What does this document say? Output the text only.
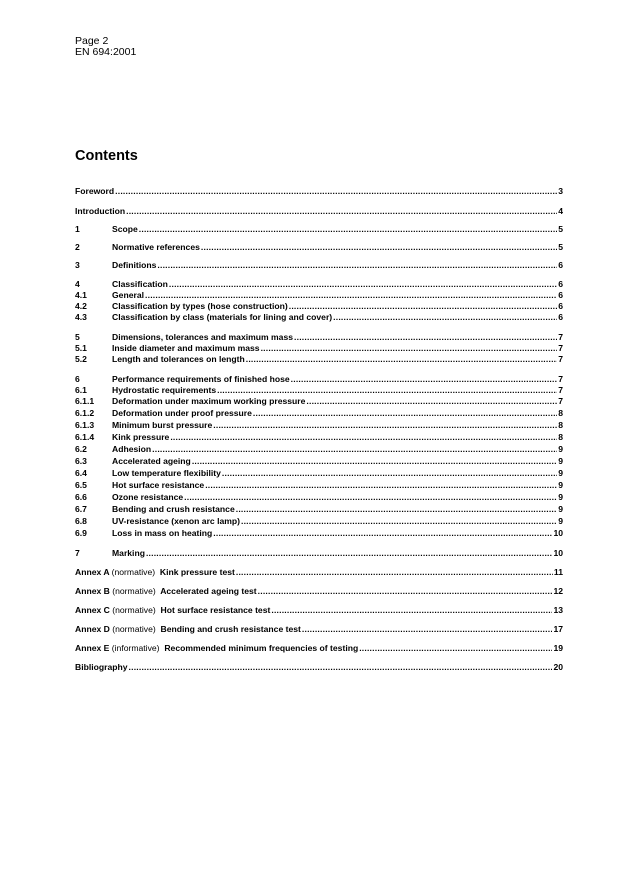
Page 2
EN 694:2001
Contents
Foreword .....	3
Introduction .....	4
1	Scope .....	5
2	Normative references .....	5
3	Definitions .....	6
4	Classification .....	6
4.1	General .....	6
4.2	Classification by types (hose construction) .....	6
4.3	Classification by class (materials for lining and cover) .....	6
5	Dimensions, tolerances and maximum mass .....	7
5.1	Inside diameter and maximum mass .....	7
5.2	Length and tolerances on length .....	7
6	Performance requirements of finished hose .....	7
6.1	Hydrostatic requirements .....	7
6.1.1	Deformation under maximum working pressure .....	7
6.1.2	Deformation under proof pressure .....	8
6.1.3	Minimum burst pressure .....	8
6.1.4	Kink pressure .....	8
6.2	Adhesion .....	9
6.3	Accelerated ageing .....	9
6.4	Low temperature flexibility .....	9
6.5	Hot surface resistance .....	9
6.6	Ozone resistance .....	9
6.7	Bending and crush resistance .....	9
6.8	UV-resistance (xenon arc lamp) .....	9
6.9	Loss in mass on heating .....	10
7	Marking .....	10
Annex A (normative) Kink pressure test .....	11
Annex B (normative) Accelerated ageing test .....	12
Annex C (normative) Hot surface resistance test .....	13
Annex D (normative) Bending and crush resistance test .....	17
Annex E (informative) Recommended minimum frequencies of testing .....	19
Bibliography .....	20
